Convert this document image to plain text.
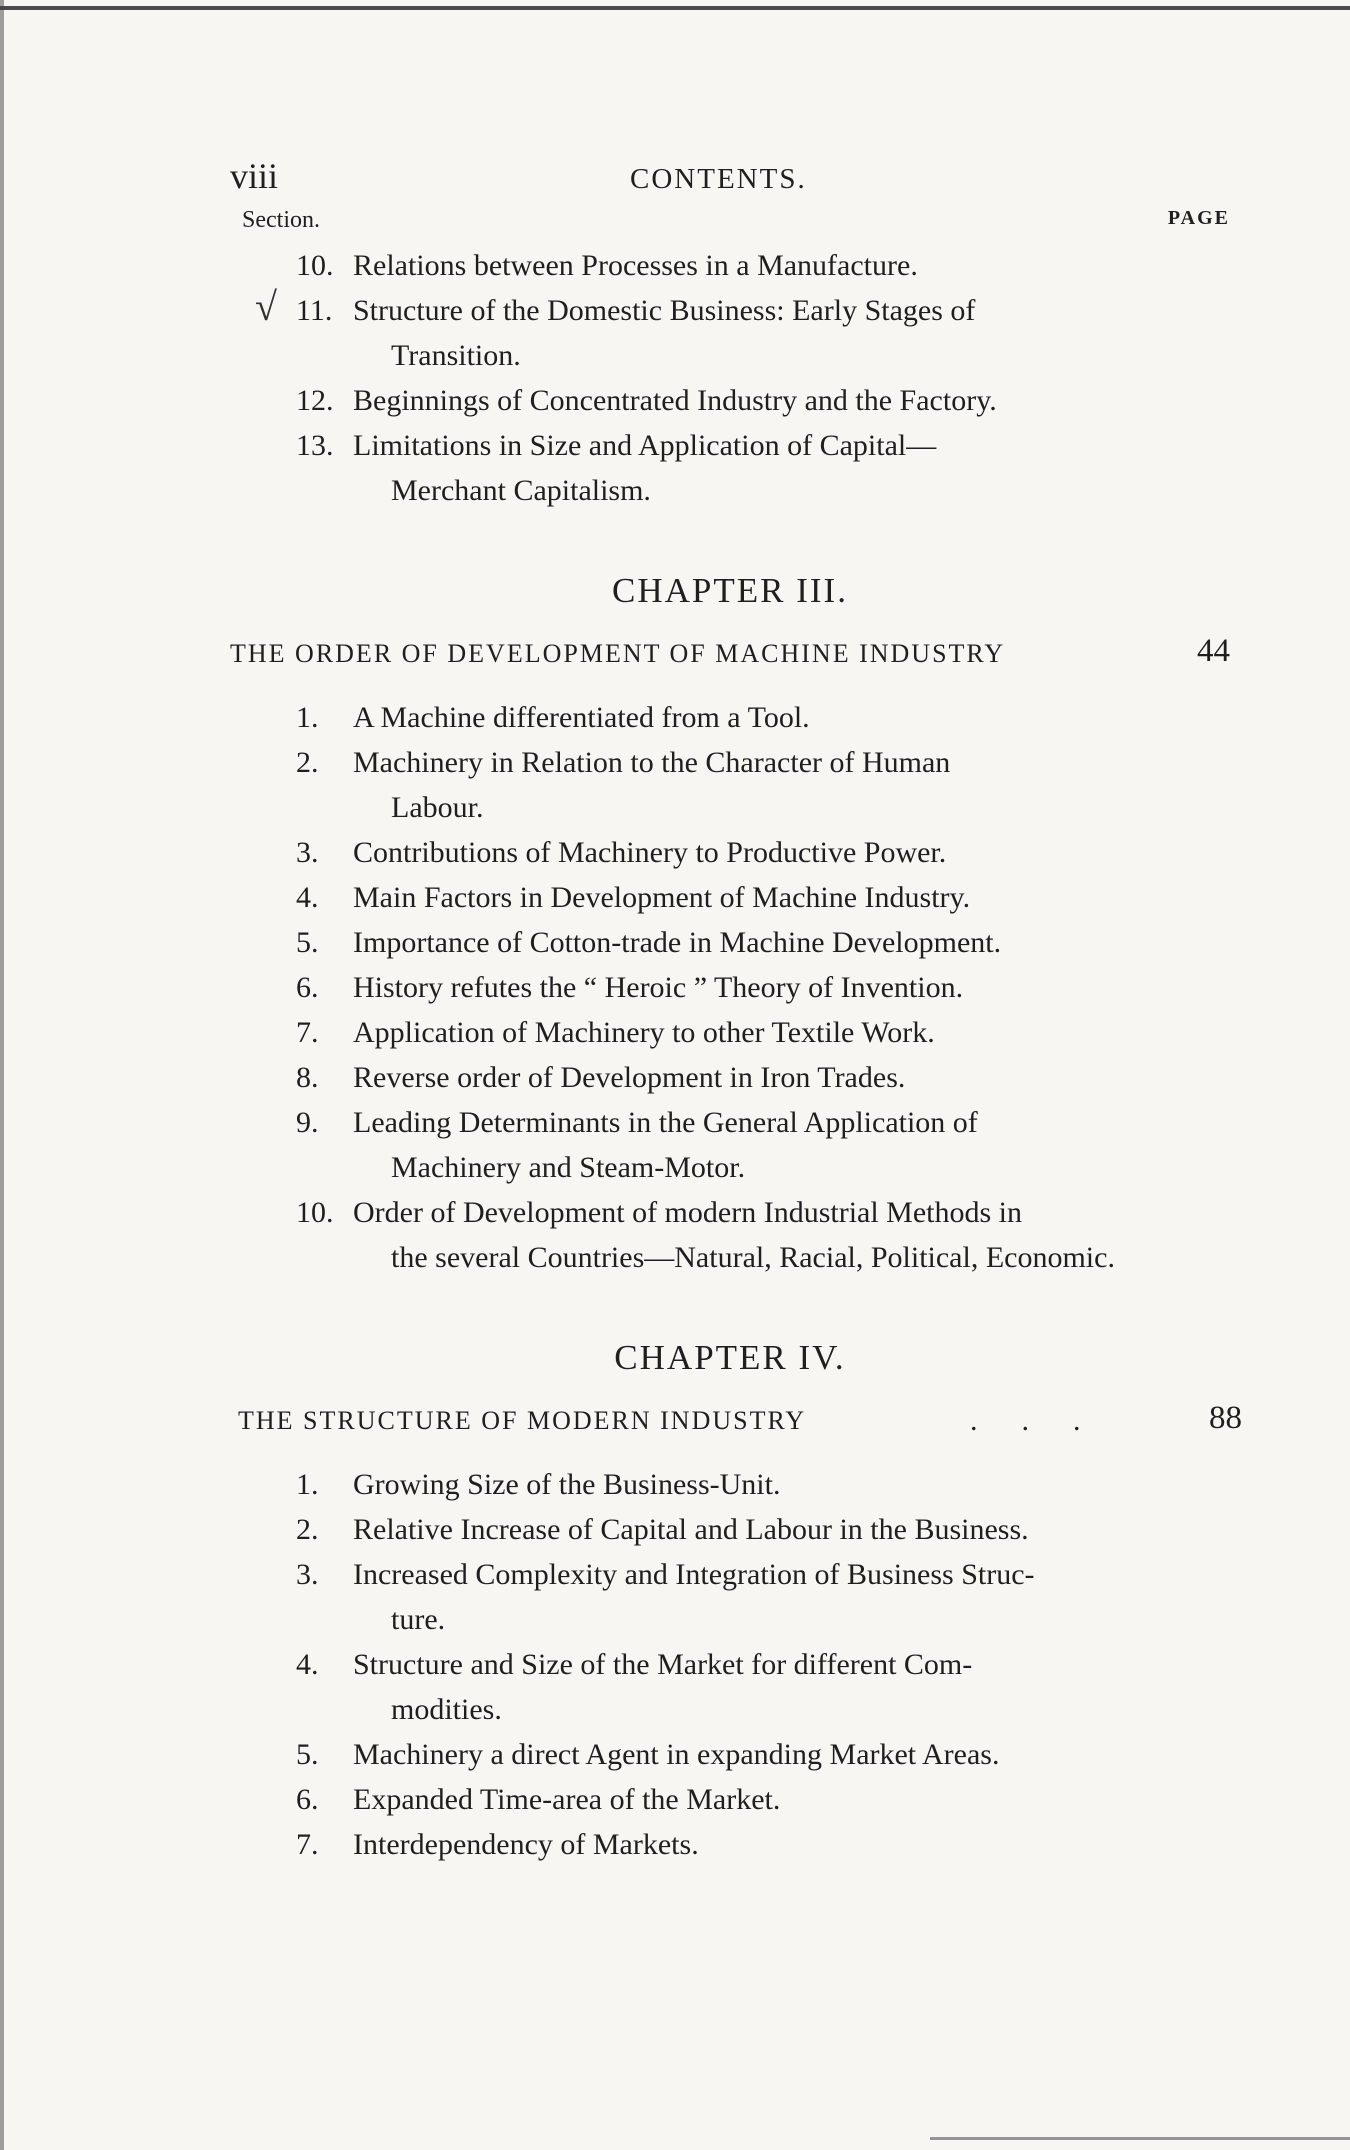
viii	CONTENTS.
Section.	PAGE
10. Relations between Processes in a Manufacture.
√ 11. Structure of the Domestic Business: Early Stages of
Transition.
12. Beginnings of Concentrated Industry and the Factory.
13. Limitations in Size and Application of Capital—
Merchant Capitalism.
CHAPTER III.
THE ORDER OF DEVELOPMENT OF MACHINE INDUSTRY	44
1. A Machine differentiated from a Tool.
2. Machinery in Relation to the Character of Human
Labour.
3. Contributions of Machinery to Productive Power.
4. Main Factors in Development of Machine Industry.
5. Importance of Cotton-trade in Machine Development.
6. History refutes the “ Heroic ” Theory of Invention.
7. Application of Machinery to other Textile Work.
8. Reverse order of Development in Iron Trades.
9. Leading Determinants in the General Application of
Machinery and Steam-Motor.
10. Order of Development of modern Industrial Methods in
the several Countries—Natural, Racial, Political, Economic.
CHAPTER IV.
THE STRUCTURE OF MODERN INDUSTRY	...	88
1. Growing Size of the Business-Unit.
2. Relative Increase of Capital and Labour in the Business.
3. Increased Complexity and Integration of Business Struc-
ture.
4. Structure and Size of the Market for different Com-
modities.
5. Machinery a direct Agent in expanding Market Areas.
6. Expanded Time-area of the Market.
7. Interdependency of Markets.
